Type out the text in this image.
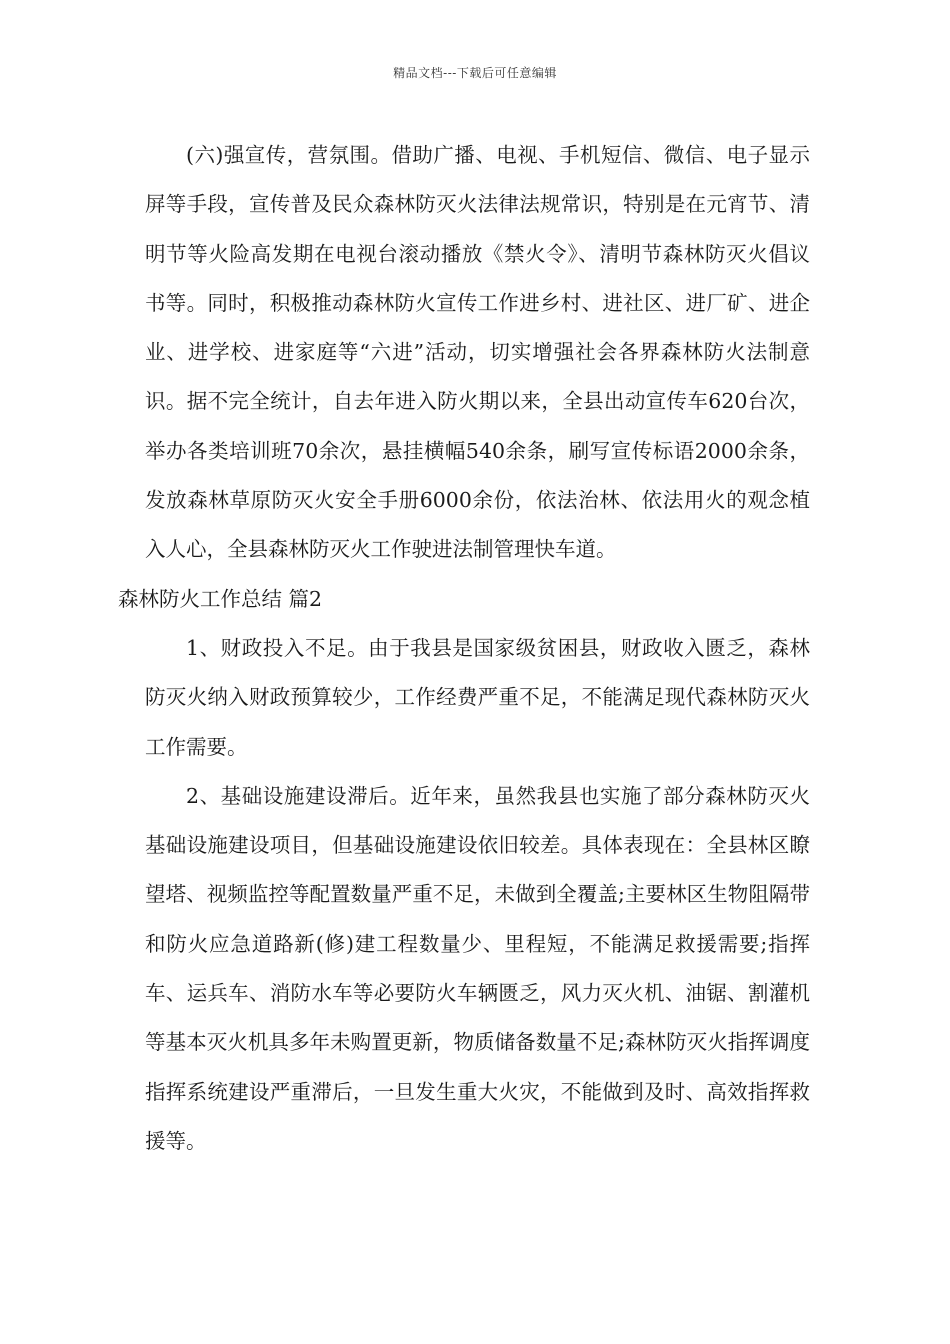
精品文档---下载后可任意编辑

(六)强宣传，营氛围。借助广播、电视、手机短信、微信、电子显示屏等手段，宣传普及民众森林防灭火法律法规常识，特别是在元宵节、清明节等火险高发期在电视台滚动播放《禁火令》、清明节森林防灭火倡议书等。同时，积极推动森林防火宣传工作进乡村、进社区、进厂矿、进企业、进学校、进家庭等“六进”活动，切实增强社会各界森林防火法制意识。据不完全统计，自去年进入防火期以来，全县出动宣传车620台次，举办各类培训班70余次，悬挂横幅540余条，刷写宣传标语2000余条，发放森林草原防灭火安全手册6000余份，依法治林、依法用火的观念植入人心，全县森林防灭火工作驶进法制管理快车道。

森林防火工作总结 篇2

1、财政投入不足。由于我县是国家级贫困县，财政收入匮乏，森林防灭火纳入财政预算较少，工作经费严重不足，不能满足现代森林防灭火工作需要。

2、基础设施建设滞后。近年来，虽然我县也实施了部分森林防灭火基础设施建设项目，但基础设施建设依旧较差。具体表现在：全县林区瞭望塔、视频监控等配置数量严重不足，未做到全覆盖;主要林区生物阻隔带和防火应急道路新(修)建工程数量少、里程短，不能满足救援需要;指挥车、运兵车、消防水车等必要防火车辆匮乏，风力灭火机、油锯、割灌机等基本灭火机具多年未购置更新，物质储备数量不足;森林防灭火指挥调度指挥系统建设严重滞后，一旦发生重大火灾，不能做到及时、高效指挥救援等。
